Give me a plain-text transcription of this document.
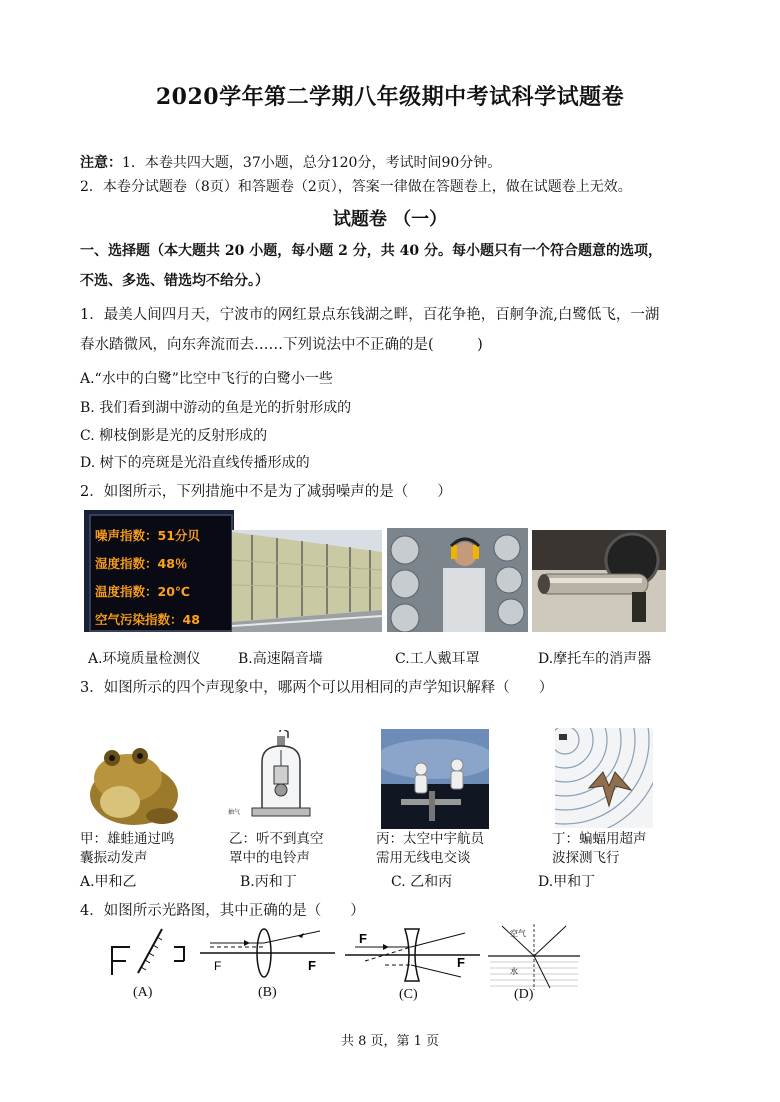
2020学年第二学期八年级期中考试科学试题卷
注意：1．本卷共四大题，37小题，总分120分，考试时间90分钟。
2．本卷分试题卷（8页）和答题卷（2页），答案一律做在答题卷上，做在试题卷上无效。
试题卷 （一）
一、选择题（本大题共 20 小题，每小题 2 分，共 40 分。每小题只有一个符合题意的选项，
不选、多选、错选均不给分。）
1．最美人间四月天，宁波市的网红景点东钱湖之畔，百花争艳，百舸争流,白鹭低飞，一湖
春水踏微风，向东奔流而去……下列说法中不正确的是(　　　)
A.“水中的白鹭”比空中飞行的白鹭小一些
B. 我们看到湖中游动的鱼是光的折射形成的
C. 柳枝倒影是光的反射形成的
D. 树下的亮斑是光沿直线传播形成的
2．如图所示，下列措施中不是为了减弱噪声的是（　　）
噪声指数：51分贝
湿度指数：48％
温度指数：20℃
空气污染指数：48
A.环境质量检测仪	B.高速隔音墙	C.工人戴耳罩	D.摩托车的消声器
3．如图所示的四个声现象中，哪两个可以用相同的声学知识解释（　　）
甲：雄蛙通过鸣
囊振动发声
抽气
乙：听不到真空
罩中的电铃声
丙：太空中宇航员
需用无线电交谈
丁：蝙蝠用超声
波探测飞行
A.甲和乙	B.丙和丁	C. 乙和丙	D.甲和丁
4．如图所示光路图，其中正确的是（　　）
(A)
F	F
(B)
F
F
(C)
空气
水
(D)
共 8 页，第 1 页
